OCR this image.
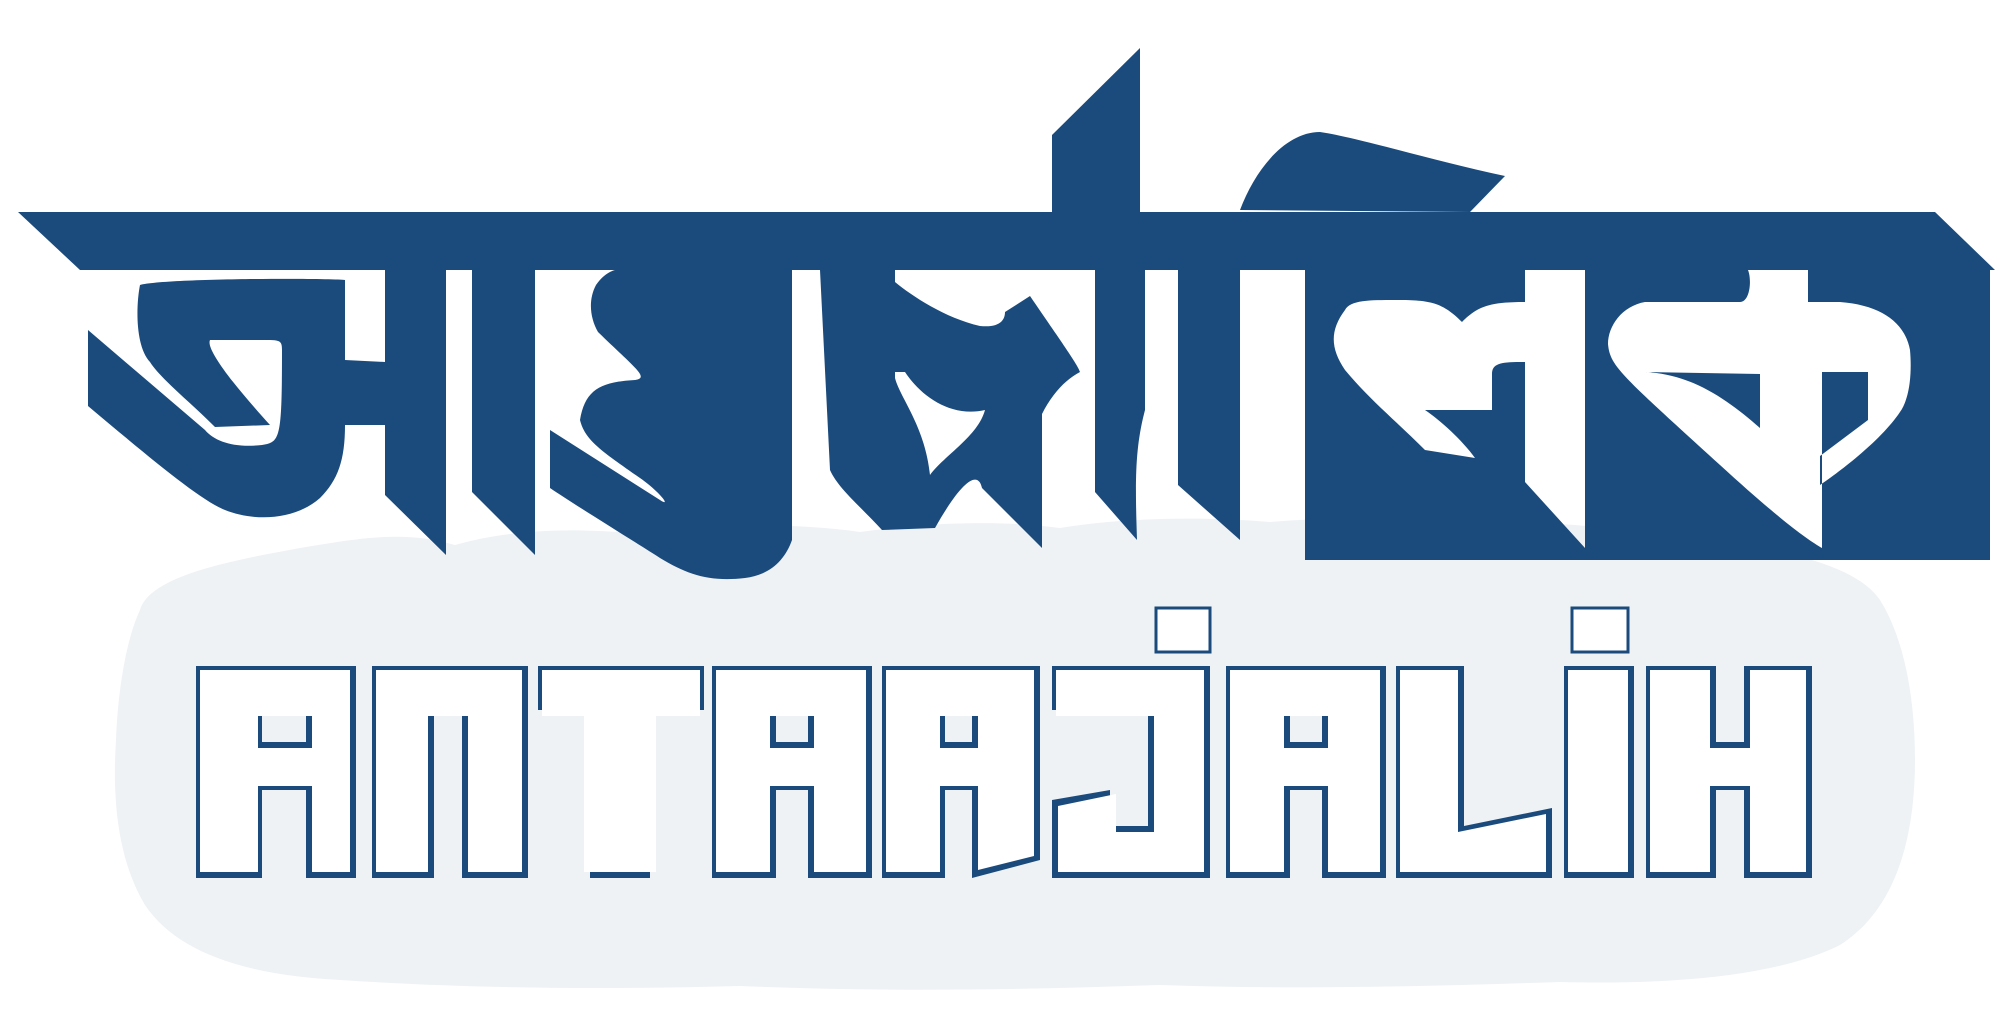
ANTARJALIK
আন্তর্জালিক
